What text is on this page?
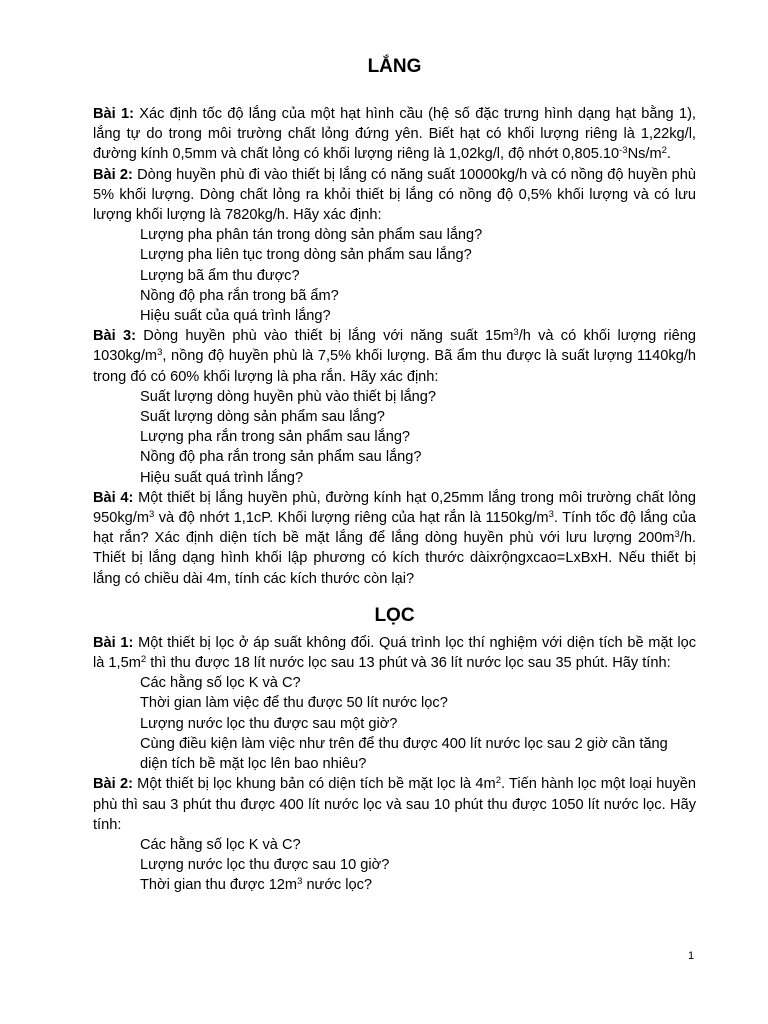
LẮNG

Bài 1: Xác định tốc độ lắng của một hạt hình cầu (hệ số đặc trưng hình dạng hạt bằng 1), lắng tự do trong môi trường chất lỏng đứng yên. Biết hạt có khối lượng riêng là 1,22kg/l, đường kính 0,5mm và chất lỏng có khối lượng riêng là 1,02kg/l, độ nhớt $0,805.10^{-3}Ns/m^2$.

Bài 2: Dòng huyền phù đi vào thiết bị lắng có năng suất 10000kg/h và có nồng độ huyền phù 5% khối lượng. Dòng chất lỏng ra khỏi thiết bị lắng có nồng độ 0,5% khối lượng và có lưu lượng khối lượng là 7820kg/h. Hãy xác định:

Lượng pha phân tán trong dòng sản phẩm sau lắng?

Lượng pha liên tục trong dòng sản phẩm sau lắng?

Lượng bã ẩm thu được?

Nồng độ pha rắn trong bã ẩm?

Hiệu suất của quá trình lắng?

Bài 3: Dòng huyền phù vào thiết bị lắng với năng suất $15m^3/h$ và có khối lượng riêng $1030kg/m^3$, nồng độ huyền phù là 7,5% khối lượng. Bã ẩm thu được là suất lượng 1140kg/h trong đó có 60% khối lượng là pha rắn. Hãy xác định:

Suất lượng dòng huyền phù vào thiết bị lắng?

Suất lượng dòng sản phẩm sau lắng?

Lượng pha rắn trong sản phẩm sau lắng?

Nồng độ pha rắn trong sản phẩm sau lắng?

Hiệu suất quá trình lắng?

Bài 4: Một thiết bị lắng huyền phù, đường kính hạt 0,25mm lắng trong môi trường chất lỏng $950kg/m^3$ và độ nhớt 1,1cP. Khối lượng riêng của hạt rắn là $1150kg/m^3$. Tính tốc độ lắng của hạt rắn? Xác định diện tích bề mặt lắng để lắng dòng huyền phù với lưu lượng $200m^3/h$. Thiết bị lắng dạng hình khối lập phương có kích thước dàixrộngxcao=LxBxH. Nếu thiết bị lắng có chiều dài 4m, tính các kích thước còn lại?

LỌC

Bài 1: Một thiết bị lọc ở áp suất không đổi. Quá trình lọc thí nghiệm với diện tích bề mặt lọc là $1,5m^2$ thì thu được 18 lít nước lọc sau 13 phút và 36 lít nước lọc sau 35 phút. Hãy tính:

Các hằng số lọc K và C?

Thời gian làm việc để thu được 50 lít nước lọc?

Lượng nước lọc thu được sau một giờ?

Cùng điều kiện làm việc như trên để thu được 400 lít nước lọc sau 2 giờ cần tăng diện tích bề mặt lọc lên bao nhiêu?

Bài 2: Một thiết bị lọc khung bản có diện tích bề mặt lọc là $4m^2$. Tiến hành lọc một loại huyền phù thì sau 3 phút thu được 400 lít nước lọc và sau 10 phút thu được 1050 lít nước lọc. Hãy tính:

Các hằng số lọc K và C?

Lượng nước lọc thu được sau 10 giờ?

Thời gian thu được $12m^3$ nước lọc?

1
